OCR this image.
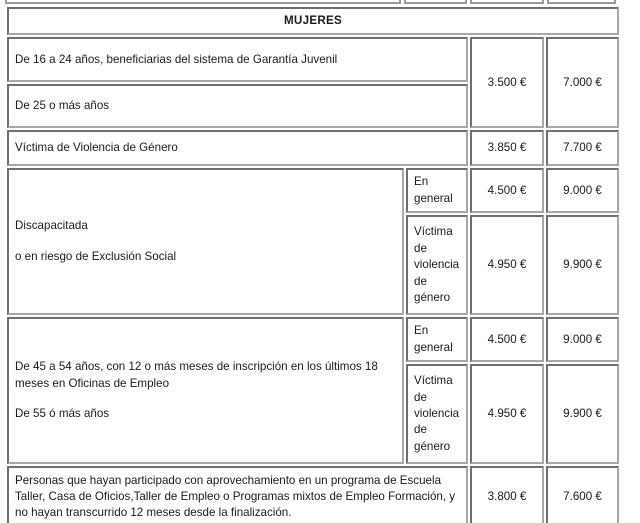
MUJERES			
De 16 a 24 años, beneficiarias del sistema de Garantía Juvenil		3.500 €	7.000 €
De 25 o más años			
Víctima de Violencia de Género		3.850 €	7.700 €

Discapacitada
o en riesgo de Exclusión Social	En general	4.500 €	9.000 €
	Víctima de violencia de género	4.950 €	9.900 €

De 45 a 54 años, con 12 o más meses de inscripción en los últimos 18 meses en Oficinas de Empleo
De 55 ó más años	En general	4.500 €	9.000 €
	Víctima de violencia de género	4.950 €	9.900 €
Personas que hayan participado con aprovechamiento en un programa de Escuela Taller, Casa de Oficios,Taller de Empleo o Programas mixtos de Empleo Formación, y no hayan transcurrido 12 meses desde la finalización.		3.800 €	7.600 €
